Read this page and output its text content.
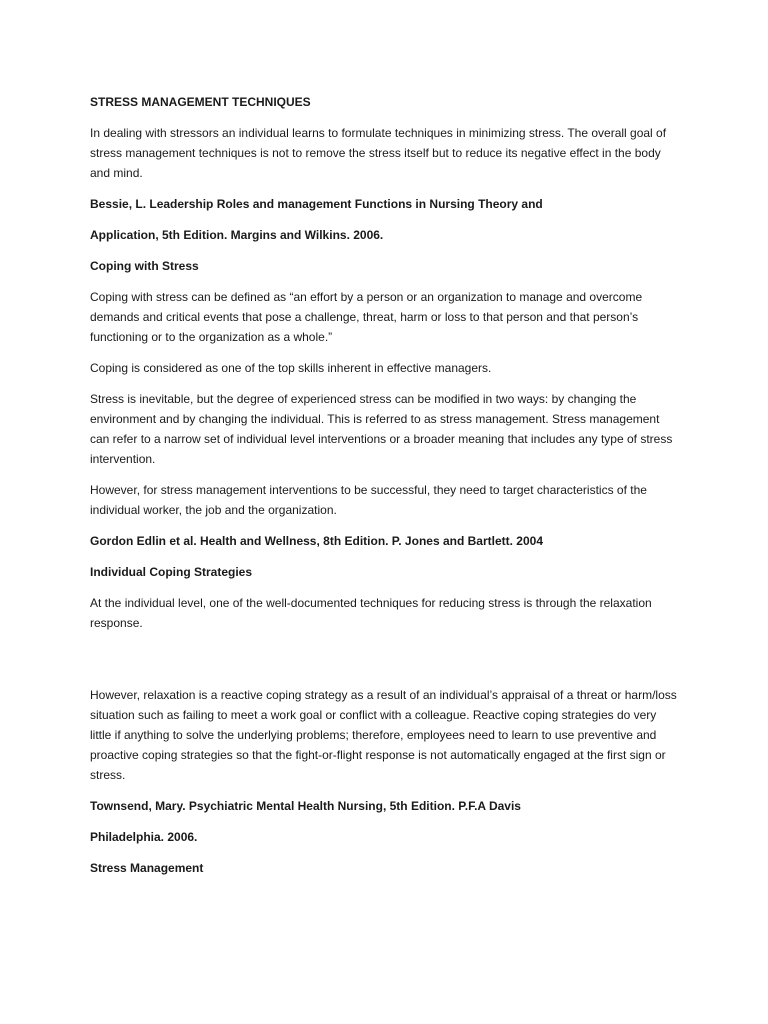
STRESS MANAGEMENT TECHNIQUES

In dealing with stressors an individual learns to formulate techniques in minimizing stress. The overall goal of stress management techniques is not to remove the stress itself but to reduce its negative effect in the body and mind.

Bessie, L. Leadership Roles and management Functions in Nursing Theory and

Application, 5th Edition. Margins and Wilkins. 2006.

Coping with Stress

Coping with stress can be defined as “an effort by a person or an organization to manage and overcome demands and critical events that pose a challenge, threat, harm or loss to that person and that person’s functioning or to the organization as a whole.”

Coping is considered as one of the top skills inherent in effective managers.

Stress is inevitable, but the degree of experienced stress can be modified in two ways: by changing the environment and by changing the individual. This is referred to as stress management. Stress management can refer to a narrow set of individual level interventions or a broader meaning that includes any type of stress intervention.

However, for stress management interventions to be successful, they need to target characteristics of the individual worker, the job and the organization.

Gordon Edlin et al. Health and Wellness, 8th Edition. P. Jones and Bartlett. 2004

Individual Coping Strategies

At the individual level, one of the well-documented techniques for reducing stress is through the relaxation response.

However, relaxation is a reactive coping strategy as a result of an individual’s appraisal of a threat or harm/loss situation such as failing to meet a work goal or conflict with a colleague. Reactive coping strategies do very little if anything to solve the underlying problems; therefore, employees need to learn to use preventive and proactive coping strategies so that the fight-or-flight response is not automatically engaged at the first sign or stress.

Townsend, Mary. Psychiatric Mental Health Nursing, 5th Edition. P.F.A Davis

Philadelphia. 2006.

Stress Management
